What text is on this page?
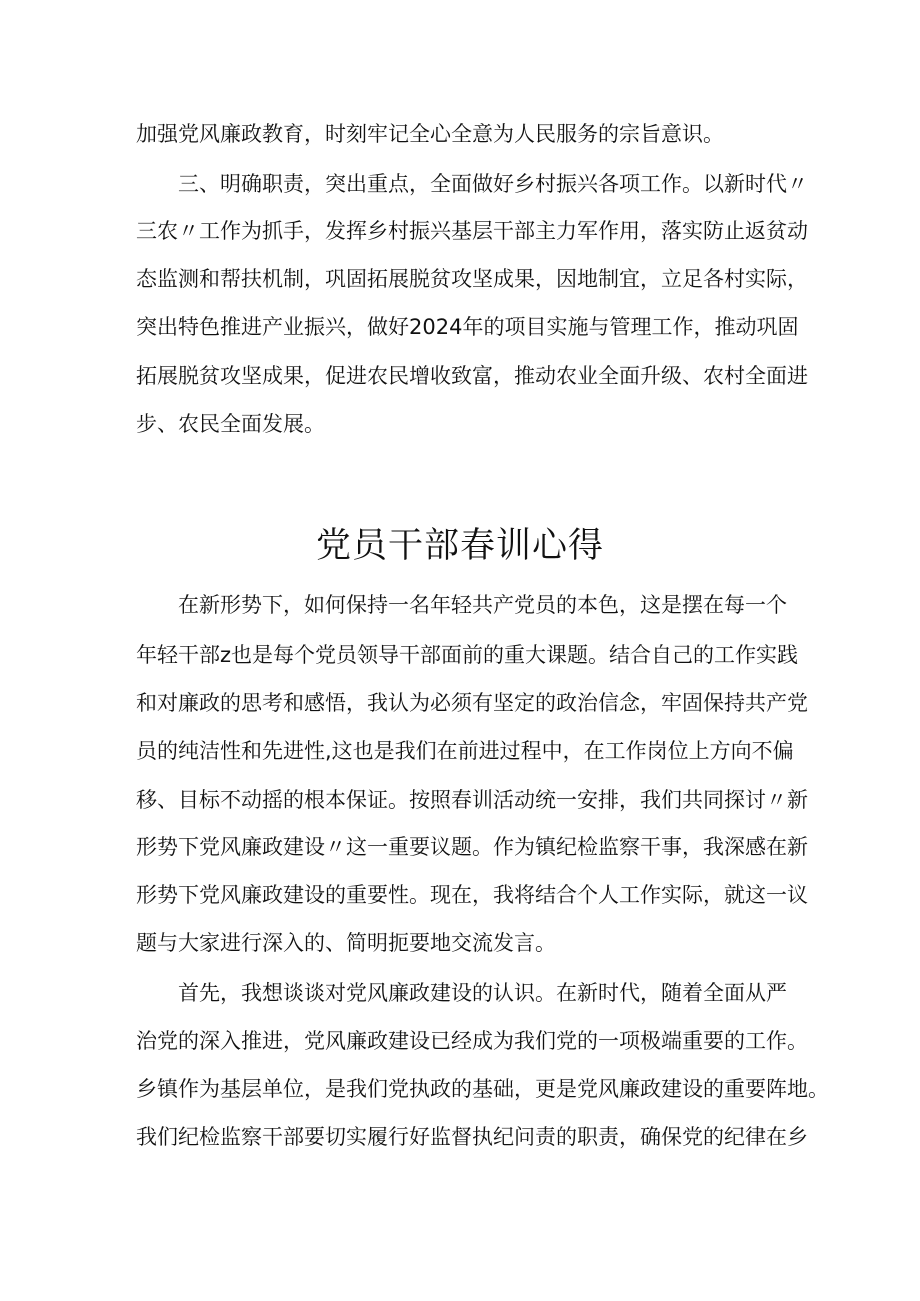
加强党风廉政教育，时刻牢记全心全意为人民服务的宗旨意识。
三、明确职责，突出重点，全面做好乡村振兴各项工作。以新时代〃
三农〃工作为抓手，发挥乡村振兴基层干部主力军作用，落实防止返贫动
态监测和帮扶机制，巩固拓展脱贫攻坚成果，因地制宜，立足各村实际，
突出特色推进产业振兴，做好2024年的项目实施与管理工作，推动巩固
拓展脱贫攻坚成果，促进农民增收致富，推动农业全面升级、农村全面进
步、农民全面发展。
党员干部春训心得
在新形势下，如何保持一名年轻共产党员的本色，这是摆在每一个
年轻干部z也是每个党员领导干部面前的重大课题。结合自己的工作实践
和对廉政的思考和感悟，我认为必须有坚定的政治信念，牢固保持共产党
员的纯洁性和先进性,这也是我们在前进过程中，在工作岗位上方向不偏
移、目标不动摇的根本保证。按照春训活动统一安排，我们共同探讨〃新
形势下党风廉政建设〃这一重要议题。作为镇纪检监察干事，我深感在新
形势下党风廉政建设的重要性。现在，我将结合个人工作实际，就这一议
题与大家进行深入的、简明扼要地交流发言。
首先，我想谈谈对党风廉政建设的认识。在新时代，随着全面从严
治党的深入推进，党风廉政建设已经成为我们党的一项极端重要的工作。
乡镇作为基层单位，是我们党执政的基础，更是党风廉政建设的重要阵地。
我们纪检监察干部要切实履行好监督执纪问责的职责，确保党的纪律在乡
